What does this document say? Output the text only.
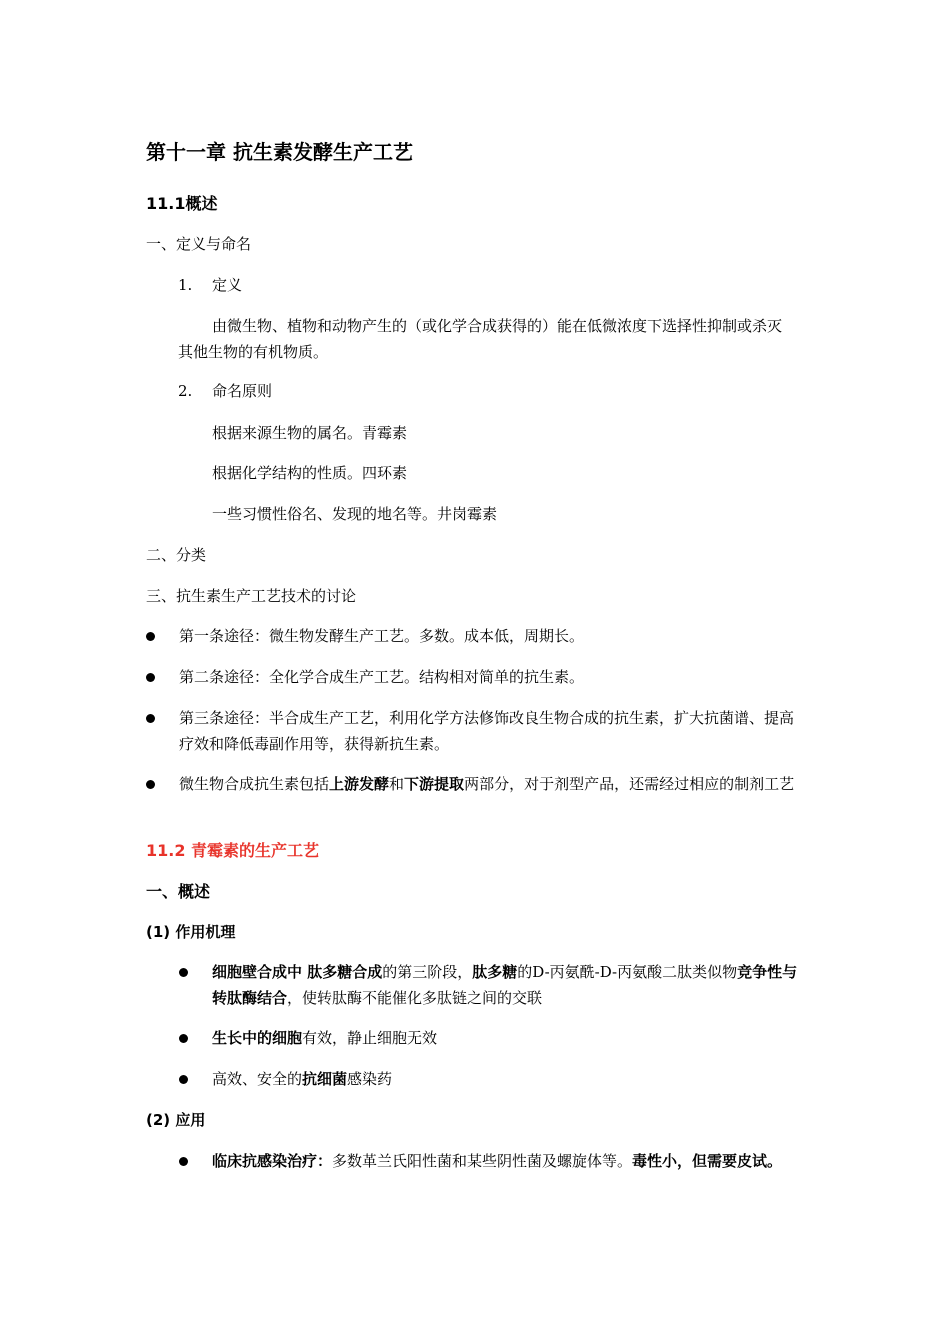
第十一章 抗生素发酵生产工艺
11.1概述
一、定义与命名
1. 定义
由微生物、植物和动物产生的（或化学合成获得的）能在低微浓度下选择性抑制或杀灭其他生物的有机物质。
2. 命名原则
根据来源生物的属名。青霉素
根据化学结构的性质。四环素
一些习惯性俗名、发现的地名等。井岗霉素
二、分类
三、抗生素生产工艺技术的讨论
第一条途径：微生物发酵生产工艺。多数。成本低，周期长。
第二条途径：全化学合成生产工艺。结构相对简单的抗生素。
第三条途径：半合成生产工艺，利用化学方法修饰改良生物合成的抗生素，扩大抗菌谱、提高疗效和降低毒副作用等，获得新抗生素。
微生物合成抗生素包括上游发酵和下游提取两部分，对于剂型产品，还需经过相应的制剂工艺
11.2 青霉素的生产工艺
一、概述
(1) 作用机理
细胞壁合成中 肽多糖合成的第三阶段，肽多糖的D-丙氨酰-D-丙氨酸二肽类似物竞争性与转肽酶结合，使转肽酶不能催化多肽链之间的交联
生长中的细胞有效，静止细胞无效
高效、安全的抗细菌感染药
(2) 应用
临床抗感染治疗：多数革兰氏阳性菌和某些阴性菌及螺旋体等。毒性小，但需要皮试。
